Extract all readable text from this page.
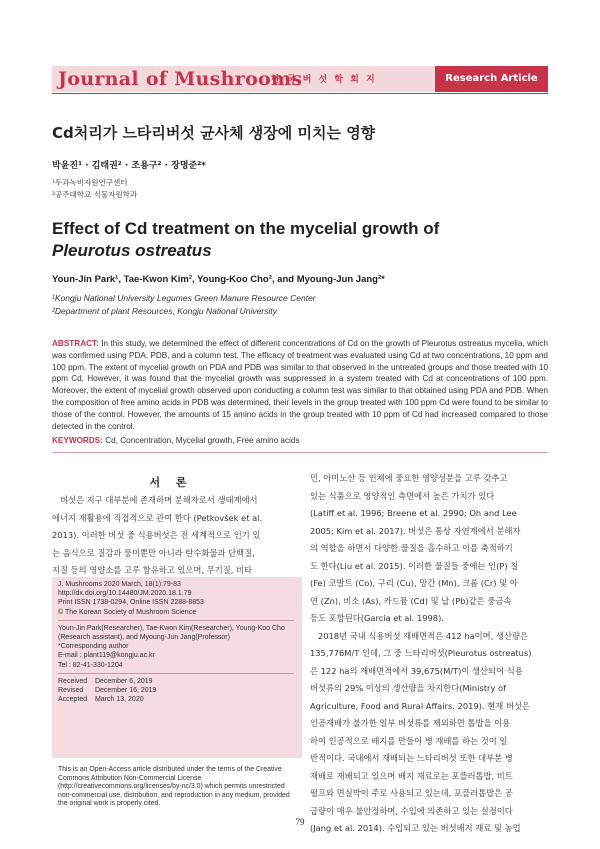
Journal of Mushrooms
한 국 버 섯 학 회 지	Research Article
Cd처리가 느타리버섯 균사체 생장에 미치는 영향
박윤진¹ · 김태권² · 조용구² · 장명준²*
¹두과녹비자원연구센터
²공주대학교 식물자원학과
Effect of Cd treatment on the mycelial growth of Pleurotus ostreatus
Youn-Jin Park¹, Tae-Kwon Kim², Young-Koo Cho², and Myoung-Jun Jang²*
¹Kongju National University Legumes Green Manure Resource Center
²Department of plant Resources, Kongju National University
ABSTRACT: In this study, we determined the effect of different concentrations of Cd on the growth of Pleurotus ostreatus mycelia, which was confirmed using PDA, PDB, and a column test. The efficacy of treatment was evaluated using Cd at two concentrations, 10 ppm and 100 ppm. The extent of mycelial growth on PDA and PDB was similar to that observed in the untreated groups and those treated with 10 ppm Cd. However, it was found that the mycelial growth was suppressed in a system treated with Cd at concentrations of 100 ppm. Moreover, the extent of mycelial growth observed upon conducting a column test was similar to that obtained using PDA and PDB. When the composition of free amino acids in PDB was determined, their levels in the group treated with 100 ppm Cd were found to be similar to those of the control. However, the amounts of 15 amino acids in the group treated with 10 ppm of Cd had increased compared to those detected in the control.
KEYWORDS: Cd, Concentration, Mycelial growth, Free amino acids
서 론
버섯은 지구 대부분에 존재하며 분해자로서 생태계에서
에너지 재활용에 직접적으로 관여 한다 (Petkovšek et al.
2013). 이러한 버섯 중 식용버섯은 전 세계적으로 인기 있
는 음식으로 질감과 풍미뿐만 아니라 탄수화물과 단백질,
지질 등의 영양소를 고루 함유하고 있으며, 무기질, 비타
민, 아미노산 등 인체에 중요한 영양성분을 고루 갖추고
있는 식품으로 영양적인 측면에서 높은 가치가 있다
(Latiff et al. 1996; Breene et al. 2990; Oh and Lee
2005; Kim et al. 2017). 버섯은 통상 자연계에서 분해자
의 역할을 하면서 다양한 물질을 흡수하고 이를 축적하기
도 한다(Liu et al. 2015). 이러한 물질들 중에는 인(P) 칠
(Fe) 코발트 (Co), 구리 (Cu), 망간 (Mn), 크롬 (Cr) 및 아
연 (Zn), 비소 (As), 카드뮴 (Cd) 및 납 (Pb)같은 중금속
등도 포함된다(Garcia et al. 1998).
2018년 국내 식용버섯 재배면적은 412 ha이며, 생산량은
135,776M/T 인데, 그 중 느타리버섯(Pleurotus ostreatus)
은 122 ha의 재배면적에서 39,675(M/T)이 생산되어 식용
버섯류의 29% 이상의 생산량을 차지한다(Ministry of
Agriculture, Food and Rural Affairs. 2019). 현재 버섯은
인공재배가 불가한 일부 버섯류를 제외하면 톱밥을 이용
하여 인공적으로 배지를 만들어 병 재배를 하는 것이 일
반적이다. 국내에서 재배되는 느타리버섯 또한 대부분 병
재배로 재배되고 있으며 배지 재료로는 포플러톱밥, 비트
펄프와 면실박이 주로 사용되고 있는데, 포플러톱밥은 공
급량이 매우 불안정하며, 수입에 의존하고 있는 실정이다
(Jang et al. 2014). 수입되고 있는 버섯배지 재료 및 농업
J. Mushrooms 2020 March, 18(1):79-83
http://dx.doi.org/10.14480/JM.2020.18.1.79
Print ISSN 1738-0294, Online ISSN 2288-8853
© The Korean Society of Mushroom Science
Youn-Jin Park(Researcher), Tae-Kwon Kim(Researcher), Young-Koo Cho
(Research assistant), and Myoung-Jun Jang(Professor)
*Corresponding author
E-mail : plant119@kongju.ac.kr
Tel : 82-41-330-1204
Received    December 6, 2019
Revised      December 16, 2019
Accepted    March 13, 2020
This is an Open-Access article distributed under the terms of the Creative Commons Attribution Non-Commercial License (http://creativecommons.org/licenses/by-nc/3.0) which permits unrestricted non-commercial use, distribution, and reproduction in any medium, provided the original work is properly cited.
79
